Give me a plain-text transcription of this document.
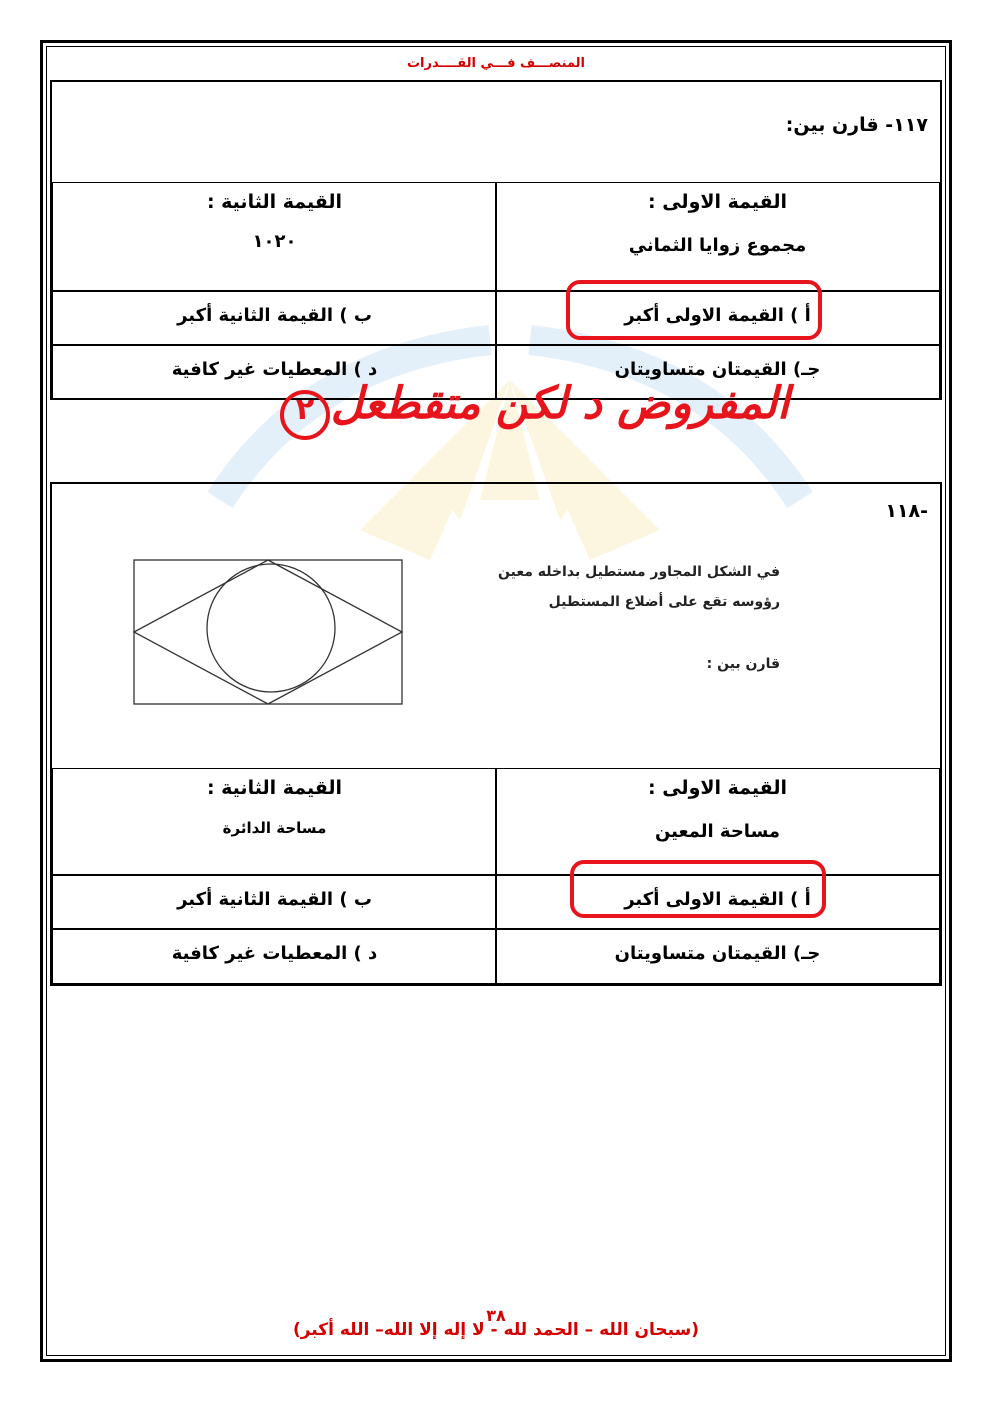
المنصـــف فـــي القــــدرات
١١٧- قارن بين:
القيمة الاولى :
مجموع زوايا الثماني
القيمة الثانية :
١٠٢٠
أ ) القيمة الاولى أكبر
ب ) القيمة الثانية أكبر
جـ) القيمتان متساويتان
د ) المعطيات غير كافية
المفروض د لكن متقطعل
٢
-١١٨
في الشكل المجاور مستطيل بداخله معين
رؤوسه تقع على أضلاع المستطيل
قارن بين :
القيمة الاولى :
مساحة المعين
القيمة الثانية :
مساحة الدائرة
أ ) القيمة الاولى أكبر
ب ) القيمة الثانية أكبر
جـ) القيمتان متساويتان
د ) المعطيات غير كافية
٣٨
(سبحان الله – الحمد لله - لا إله إلا الله– الله أكبر)
